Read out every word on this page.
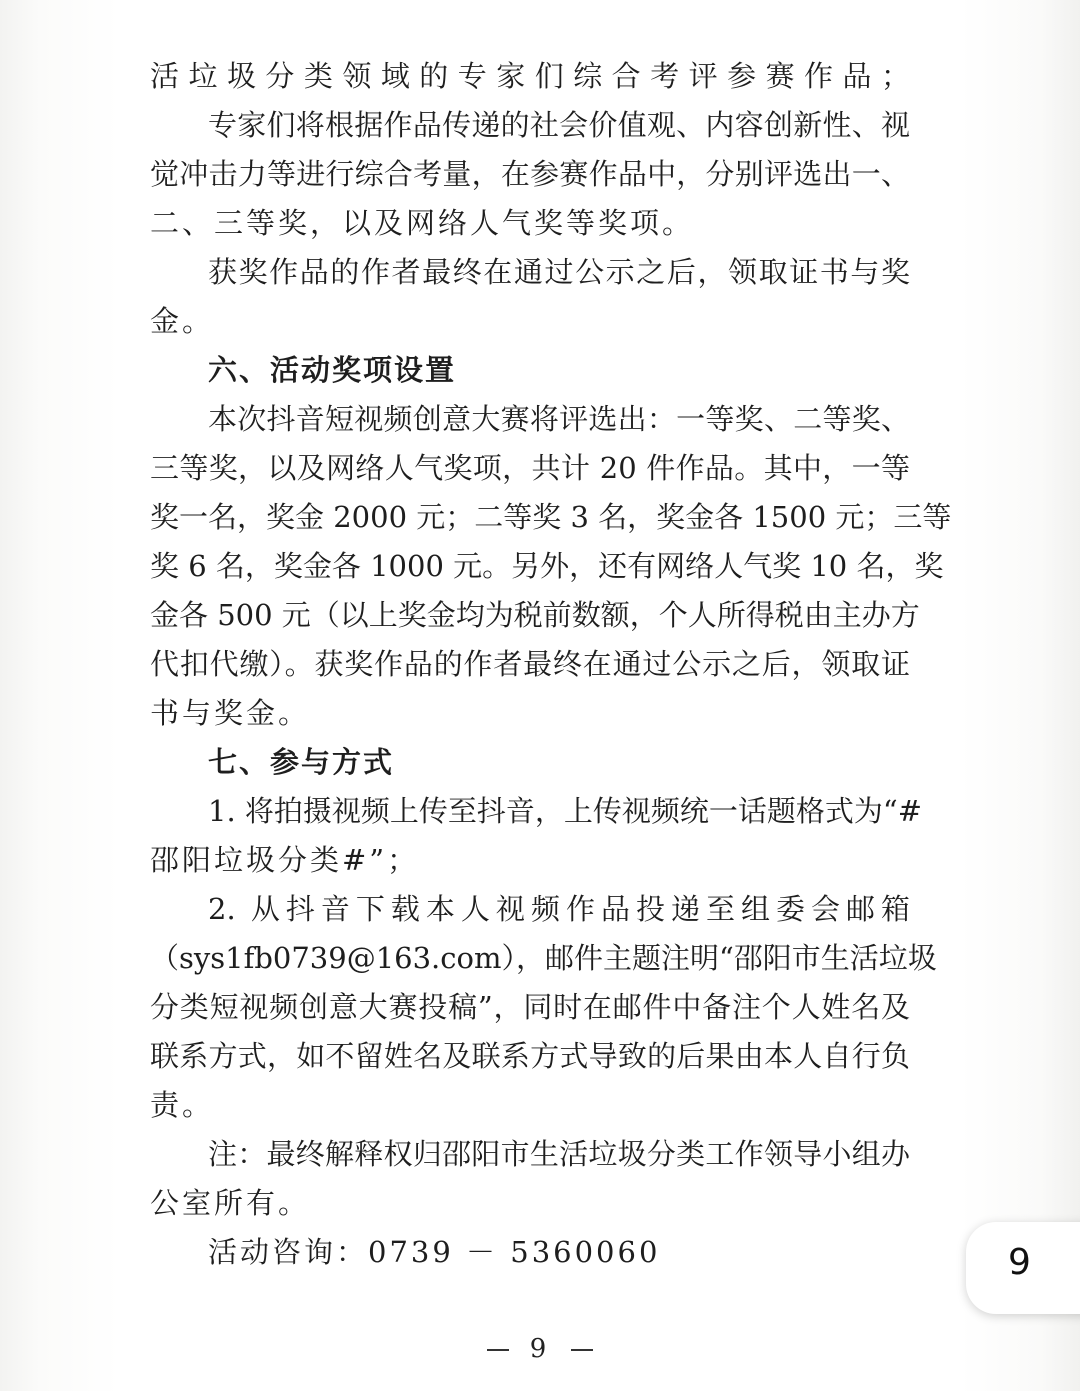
活垃圾分类领域的专家们综合考评参赛作品；
专家们将根据作品传递的社会价值观、内容创新性、视
觉冲击力等进行综合考量，在参赛作品中，分别评选出一、
二、三等奖，以及网络人气奖等奖项。
获奖作品的作者最终在通过公示之后，领取证书与奖
金。
六、活动奖项设置
本次抖音短视频创意大赛将评选出：一等奖、二等奖、
三等奖，以及网络人气奖项，共计 20 件作品。其中，一等
奖一名，奖金 2000 元；二等奖 3 名，奖金各 1500 元；三等
奖 6 名，奖金各 1000 元。另外，还有网络人气奖 10 名，奖
金各 500 元（以上奖金均为税前数额，个人所得税由主办方
代扣代缴）。获奖作品的作者最终在通过公示之后，领取证
书与奖金。
七、参与方式
1. 将拍摄视频上传至抖音，上传视频统一话题格式为“#
邵阳垃圾分类#”；
2. 从抖音下载本人视频作品投递至组委会邮箱
（sys1fb0739@163.com），邮件主题注明“邵阳市生活垃圾
分类短视频创意大赛投稿”，同时在邮件中备注个人姓名及
联系方式，如不留姓名及联系方式导致的后果由本人自行负
责。
注：最终解释权归邵阳市生活垃圾分类工作领导小组办
公室所有。
活动咨询：0739 － 5360060	9
9
